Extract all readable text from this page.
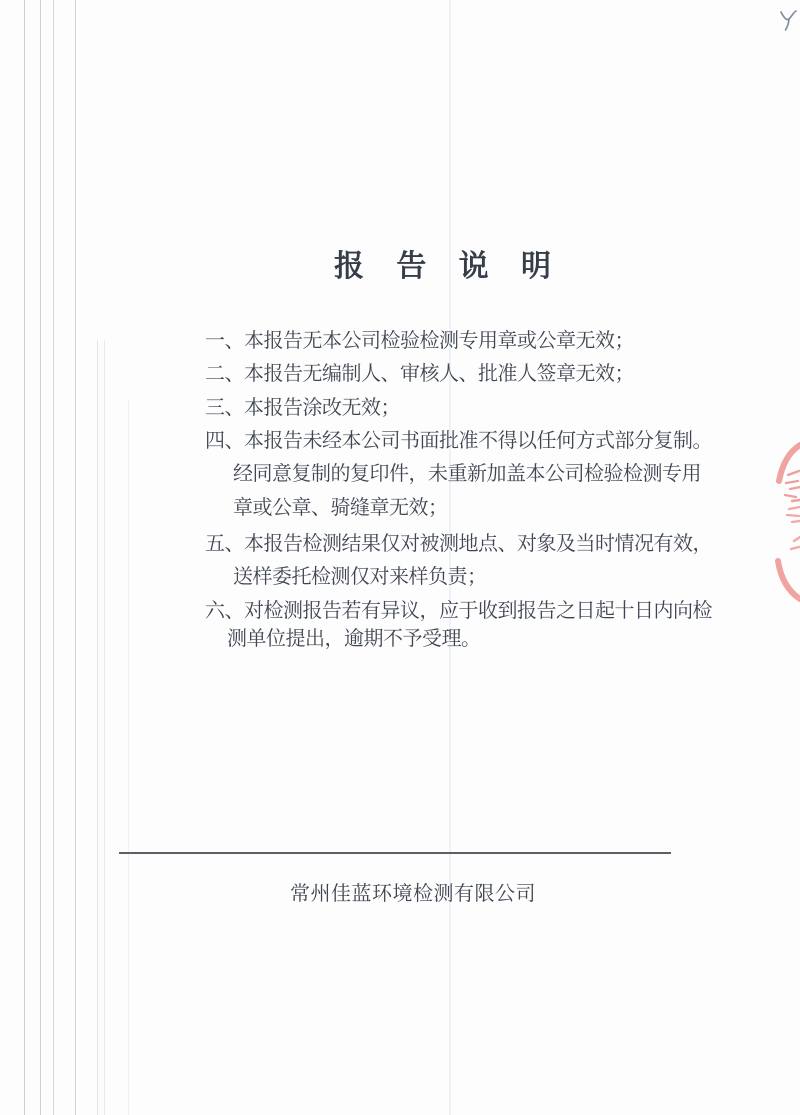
报 告 说 明
一、本报告无本公司检验检测专用章或公章无效；
二、本报告无编制人、审核人、批准人签章无效；
三、本报告涂改无效；
四、本报告未经本公司书面批准不得以任何方式部分复制。
经同意复制的复印件，未重新加盖本公司检验检测专用
章或公章、骑缝章无效；
五、本报告检测结果仅对被测地点、对象及当时情况有效，
送样委托检测仅对来样负责；
六、对检测报告若有异议，应于收到报告之日起十日内向检
测单位提出，逾期不予受理。
常州佳蓝环境检测有限公司
